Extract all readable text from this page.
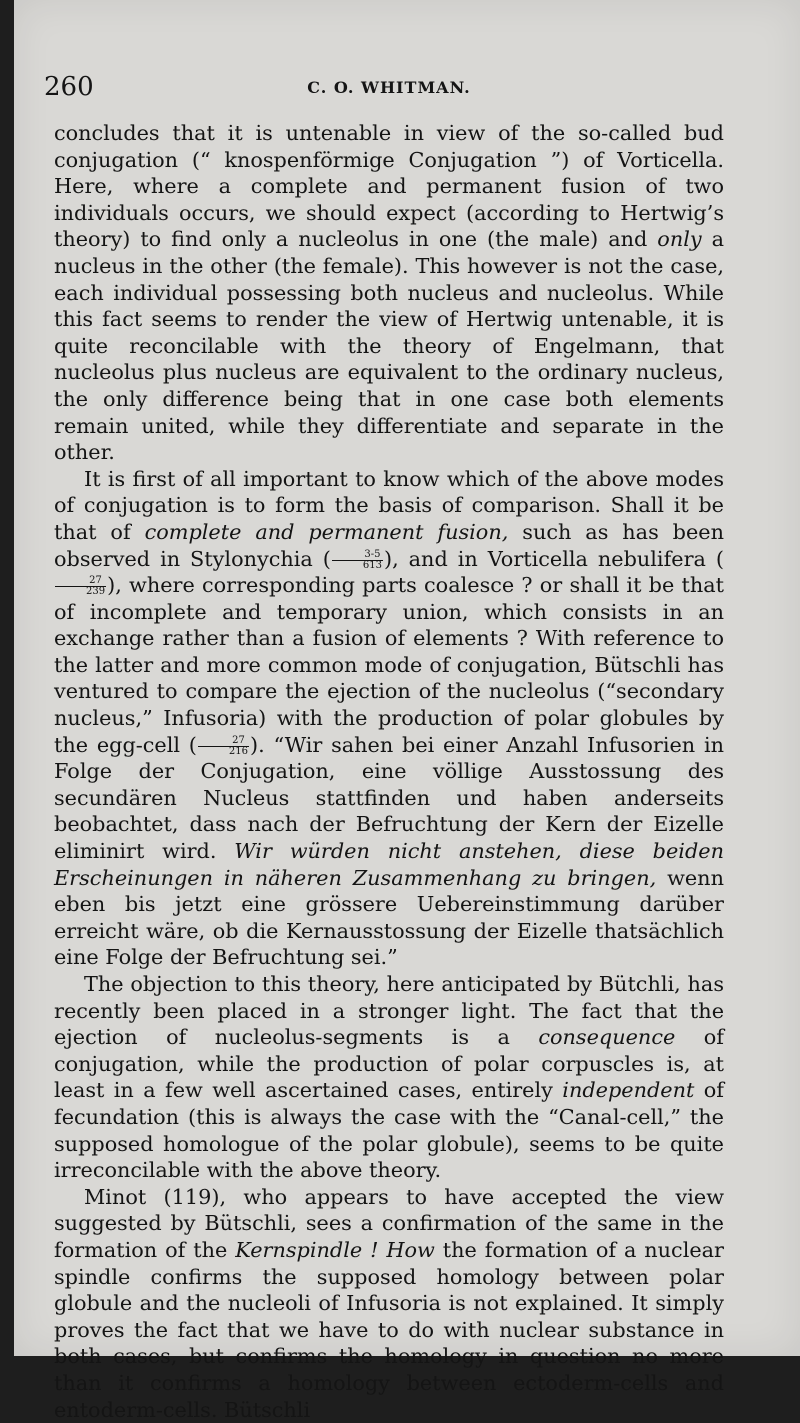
260	C. O. WHITMAN.

concludes that it is untenable in view of the so-called bud conjugation (“ knospenförmige Conjugation ”) of Vorticella. Here, where a complete and permanent fusion of two individuals occurs, we should expect (according to Hertwig’s theory) to find only a nucleolus in one (the male) and only a nucleus in the other (the female). This however is not the case, each individual possessing both nucleus and nucleolus. While this fact seems to render the view of Hertwig untenable, it is quite reconcilable with the theory of Engelmann, that nucleolus plus nucleus are equivalent to the ordinary nucleus, the only difference being that in one case both elements remain united, while they differentiate and separate in the other.

It is first of all important to know which of the above modes of conjugation is to form the basis of comparison. Shall it be that of complete and permanent fusion, such as has been observed in Stylonychia ( $\frac{3-5}{613}$ ), and in Vorticella nebulifera (
$\frac{27}{239}$ ), where corresponding parts coalesce ? or shall it be that of incomplete and temporary union, which consists in an exchange rather than a fusion of elements ? With reference to the latter and more common mode of conjugation, Bütschli has ventured to compare the ejection of the nucleolus (“secondary nucleus,” Infusoria) with the production of polar globules by the egg-cell ( $\frac{27}{216}$ ). “Wir sahen bei einer Anzahl Infusorien in Folge der Conjugation, eine völlige Ausstossung des secundären Nucleus stattfinden und haben anderseits beobachtet, dass nach der Befruchtung der Kern der Eizelle eliminirt wird. Wir würden nicht anstehen, diese beiden Erscheinungen in näheren Zusammenhang zu bringen, wenn eben bis jetzt eine grössere Uebereinstimmung darüber erreicht wäre, ob die Kernausstossung der Eizelle thatsächlich eine Folge der Befruchtung sei.”

The objection to this theory, here anticipated by Bütchli, has recently been placed in a stronger light. The fact that the ejection of nucleolus-segments is a consequence of conjugation, while the production of polar corpuscles is, at least in a few well ascertained cases, entirely independent of fecundation (this is always the case with the “Canal-cell,” the supposed homologue of the polar globule), seems to be quite irreconcilable with the above theory.

Minot (119), who appears to have accepted the view suggested by Bütschli, sees a confirmation of the same in the formation of the Kernspindle ! How the formation of a nuclear spindle confirms the supposed homology between polar globule and the nucleoli of Infusoria is not explained. It simply proves the fact that we have to do with nuclear substance in both cases, but confirms the homology in question no more than it confirms a homology between ectoderm-cells and entoderm-cells. Bütschli
